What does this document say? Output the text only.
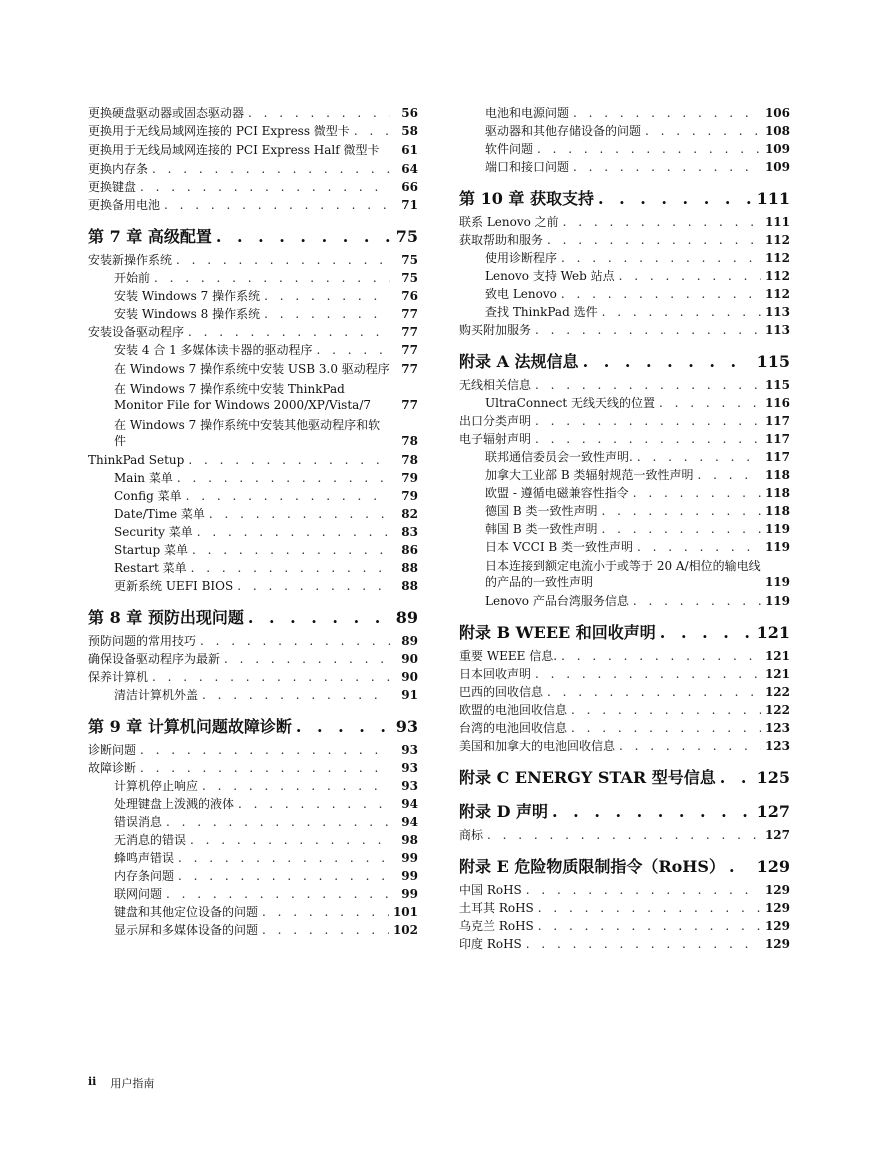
更换硬盘驱动器或固态驱动器 . . .	56
更换用于无线局域网连接的 PCI Express 微型卡 . . .	58
更换用于无线局域网连接的 PCI Express Half 微型卡	61
更换内存条 . . .	64
更换键盘 . . .	66
更换备用电池 . . .	71
第 7 章 高级配置 . . .	75
安装新操作系统 . . .	75
开始前 . . .	75
安装 Windows 7 操作系统 . . .	76
安装 Windows 8 操作系统 . . .	77
安装设备驱动程序 . . .	77
安装 4 合 1 多媒体读卡器的驱动程序 . . .	77
在 Windows 7 操作系统中安装 USB 3.0 驱动程序 77
在 Windows 7 操作系统中安装 ThinkPad Monitor File for Windows 2000/XP/Vista/7	77
在 Windows 7 操作系统中安装其他驱动程序和软件	78
ThinkPad Setup . . .	78
Main 菜单 . . .	79
Config 菜单 . . .	79
Date/Time 菜单 . . .	82
Security 菜单 . . .	83
Startup 菜单 . . .	86
Restart 菜单 . . .	88
更新系统 UEFI BIOS . . .	88
第 8 章 预防出现问题 . . .	89
预防问题的常用技巧 . . .	89
确保设备驱动程序为最新 . . .	90
保养计算机 . . .	90
清洁计算机外盖 . . .	91
第 9 章 计算机问题故障诊断 . . .	93
诊断问题 . . .	93
故障诊断 . . .	93
计算机停止响应 . . .	93
处理键盘上泼溅的液体 . . .	94
错误消息 . . .	94
无消息的错误 . . .	98
蜂鸣声错误 . . .	99
内存条问题 . . .	99
联网问题 . . .	99
键盘和其他定位设备的问题 . . .	101
显示屏和多媒体设备的问题 . . .	102
电池和电源问题 . . .	106
驱动器和其他存储设备的问题 . . .	108
软件问题 . . .	109
端口和接口问题 . . .	109
第 10 章 获取支持 . . .	111
联系 Lenovo 之前 . . .	111
获取帮助和服务 . . .	112
使用诊断程序 . . .	112
Lenovo 支持 Web 站点 . . .	112
致电 Lenovo . . .	112
查找 ThinkPad 选件 . . .	113
购买附加服务 . . .	113
附录 A 法规信息 . . .	115
无线相关信息 . . .	115
UltraConnect 无线天线的位置 . . .	116
出口分类声明 . . .	117
电子辐射声明 . . .	117
联邦通信委员会一致性声明. . . .	117
加拿大工业部 B 类辐射规范一致性声明 . . .	118
欧盟 - 遵循电磁兼容性指令 . . .	118
德国 B 类一致性声明 . . .	118
韩国 B 类一致性声明 . . .	119
日本 VCCI B 类一致性声明 . . .	119
日本连接到额定电流小于或等于 20 A/相位的输电线的产品的一致性声明	119
Lenovo 产品台湾服务信息 . . .	119
附录 B WEEE 和回收声明 . . .	121
重要 WEEE 信息. . . .	121
日本回收声明 . . .	121
巴西的回收信息 . . .	122
欧盟的电池回收信息 . . .	122
台湾的电池回收信息 . . .	123
美国和加拿大的电池回收信息 . . .	123
附录 C ENERGY STAR 型号信息 . . .	125
附录 D 声明 . . .	127
商标 . . .	127
附录 E 危险物质限制指令（RoHS） . . .	129
中国 RoHS . . .	129
土耳其 RoHS . . .	129
乌克兰 RoHS . . .	129
印度 RoHS . . .	129
ii 用户指南
